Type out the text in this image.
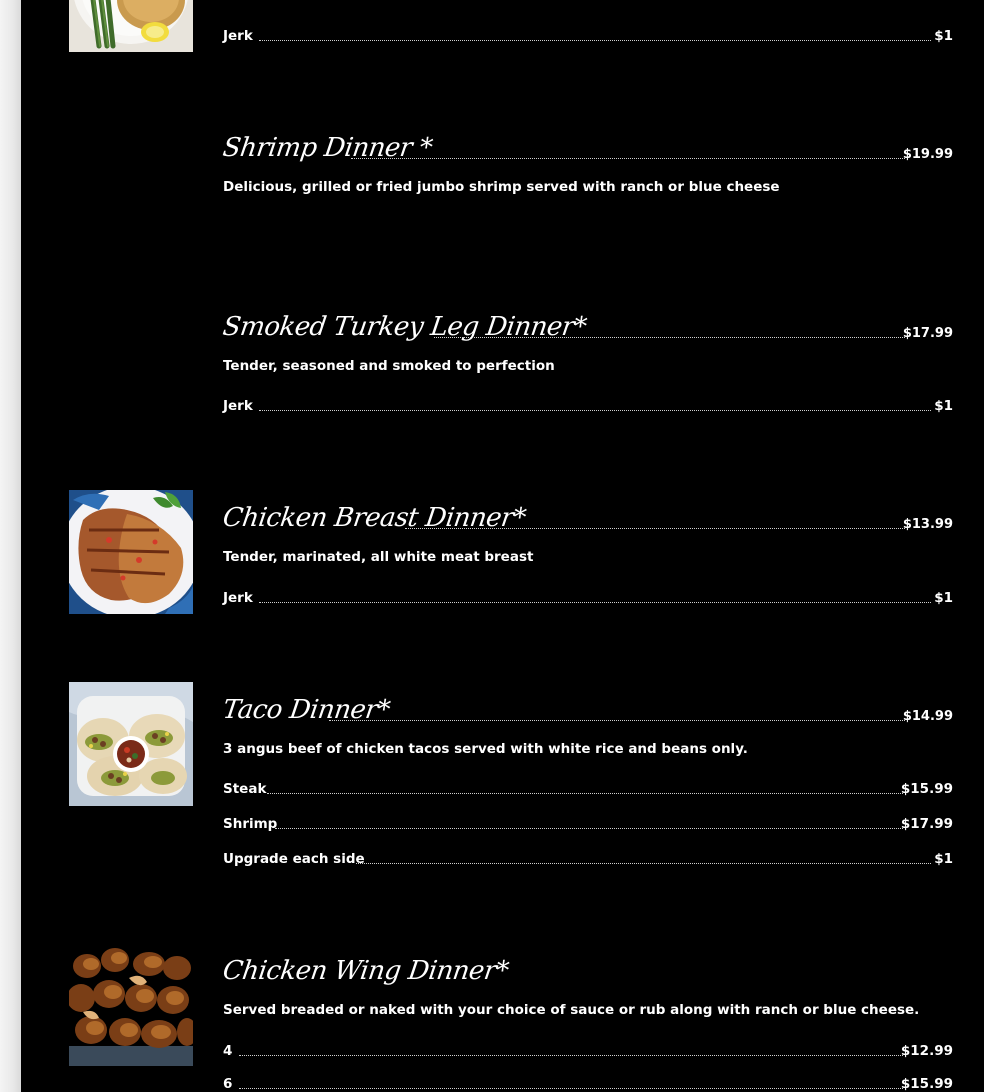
Jerk	$1
Shrimp Dinner *	$19.99
Delicious, grilled or fried jumbo shrimp served with ranch or blue cheese
Smoked Turkey Leg Dinner*	$17.99
Tender, seasoned and smoked to perfection
Jerk	$1
Chicken Breast Dinner*	$13.99
Tender, marinated, all white meat breast
Jerk	$1
Taco Dinner*	$14.99
3 angus beef of chicken tacos served with white rice and beans only.
Steak	$15.99
Shrimp	$17.99
Upgrade each side	$1
Chicken Wing Dinner*
Served breaded or naked with your choice of sauce or rub along with ranch or blue cheese.
4	$12.99
6	$15.99
